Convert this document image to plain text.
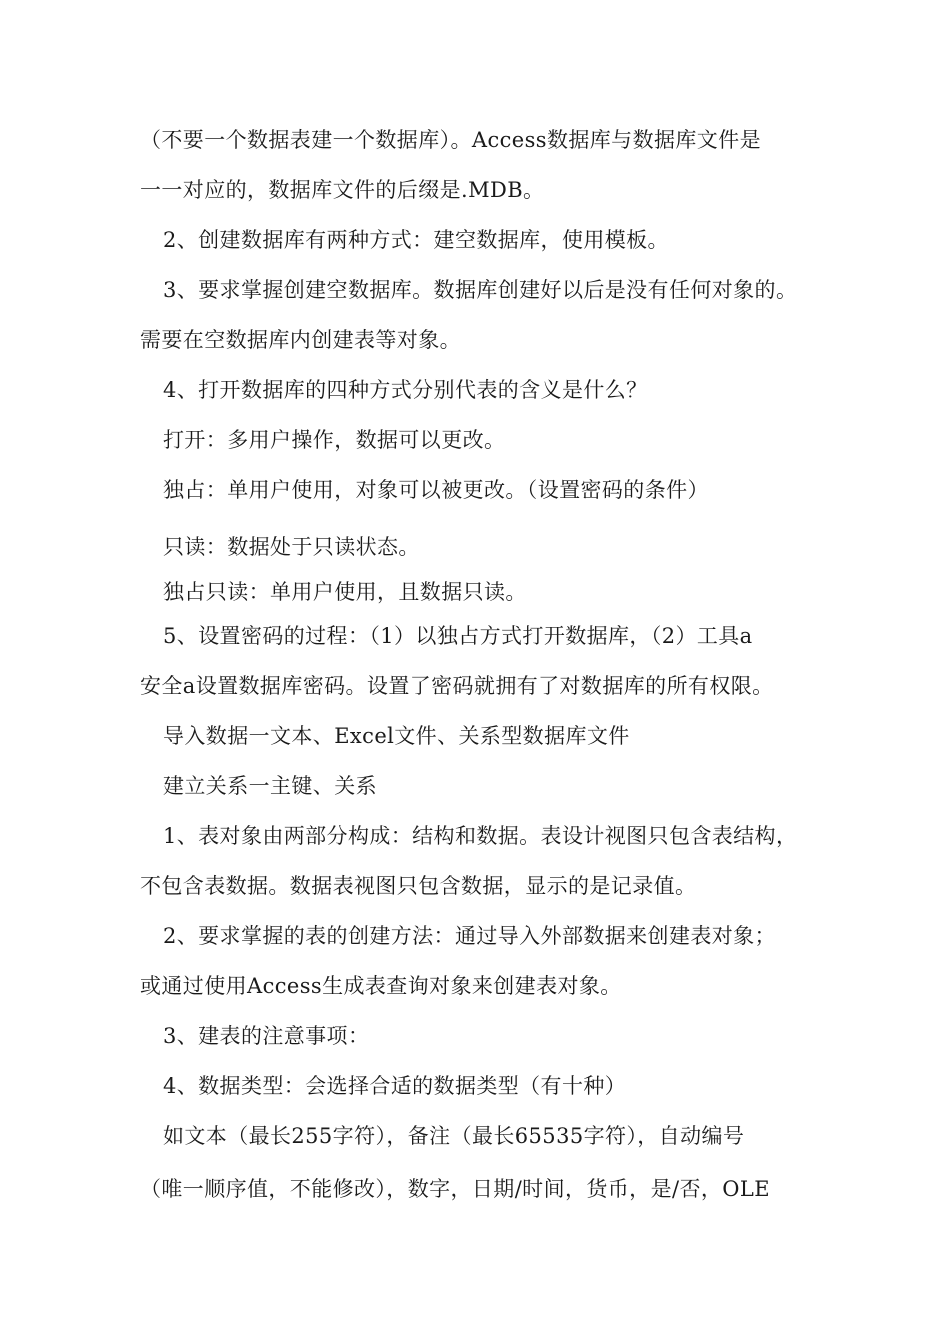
（不要一个数据表建一个数据库）。Access数据库与数据库文件是
一一对应的，数据库文件的后缀是.MDB。
2、创建数据库有两种方式：建空数据库，使用模板。
3、要求掌握创建空数据库。数据库创建好以后是没有任何对象的。
需要在空数据库内创建表等对象。
4、打开数据库的四种方式分别代表的含义是什么？
打开：多用户操作，数据可以更改。
独占：单用户使用，对象可以被更改。（设置密码的条件）
只读：数据处于只读状态。
独占只读：单用户使用，且数据只读。
5、设置密码的过程：（1）以独占方式打开数据库，（2）工具a
安全a设置数据库密码。设置了密码就拥有了对数据库的所有权限。
导入数据一文本、Excel文件、关系型数据库文件
建立关系一主键、关系
1、表对象由两部分构成：结构和数据。表设计视图只包含表结构，
不包含表数据。数据表视图只包含数据，显示的是记录值。
2、要求掌握的表的创建方法：通过导入外部数据来创建表对象；
或通过使用Access生成表查询对象来创建表对象。
3、建表的注意事项：
4、数据类型：会选择合适的数据类型（有十种）
如文本（最长255字符），备注（最长65535字符），自动编号
（唯一顺序值，不能修改），数字，日期/时间，货币，是/否，OLE
